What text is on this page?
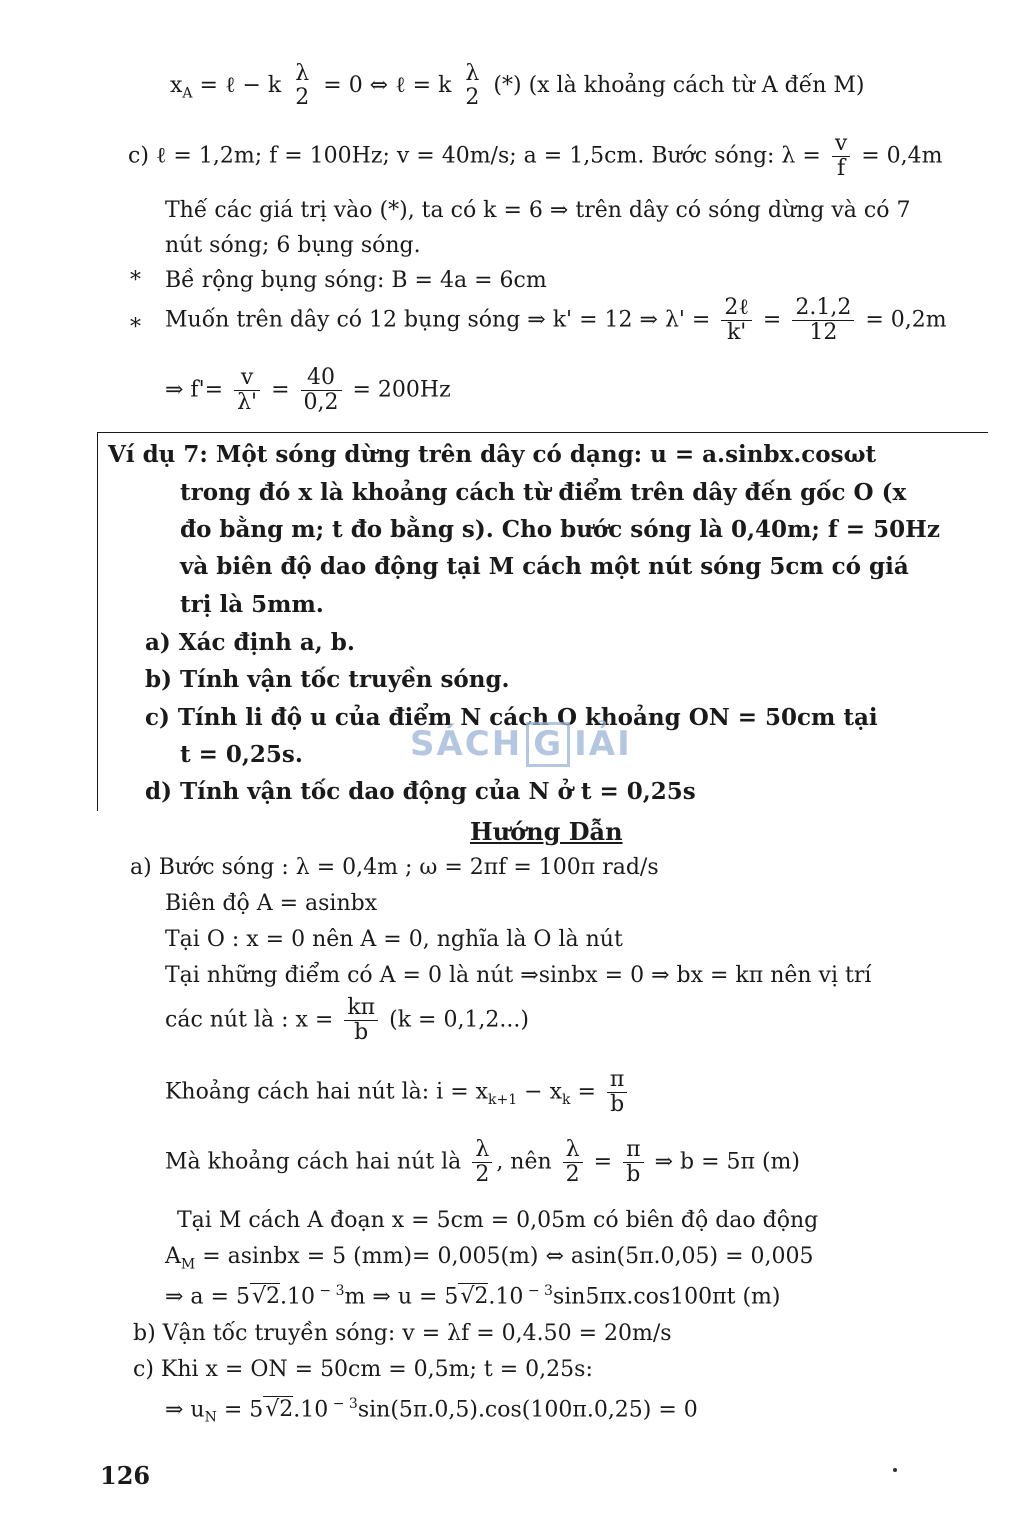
$x_A$ = ℓ − k λ
2 = 0 ⇔ ℓ = k λ
2 (*) (x là khoảng cách từ A đến M)
c) ℓ = 1,2m; f = 100Hz; v = 40m/s; a = 1,5cm. Bước sóng: $\lambda = \frac{v}{f} = 0,4m$
Thế các giá trị vào (*), ta có k = 6 ⇒ trên dây có sóng dừng và có 7
nút sóng; 6 bụng sóng.
* Bề rộng bụng sóng: B = 4a = 6cm
* Muốn trên dây có 12 bụng sóng ⇒ k' = 12 ⇒ $\lambda' = \frac{\text{2ℓ}}{k'} = \frac{2.1,2}{12} = 0,2m$
⇒ $f'= \frac{v}{\lambda'} = \frac{40}{0,2} = 200Hz$
Ví dụ 7: Một sóng dừng trên dây có dạng: u = a.sinbx.cosωt
trong đó x là khoảng cách từ điểm trên dây đến gốc O (x
đo bằng m; t đo bằng s). Cho bước sóng là 0,40m; f = 50Hz
và biên độ dao động tại M cách một nút sóng 5cm có giá
trị là 5mm.
a) Xác định a, b.
b) Tính vận tốc truyền sóng.
c) Tính li độ u của điểm N cách O khoảng ON = 50cm tại
t = 0,25s.
d) Tính vận tốc dao động của N ở t = 0,25s
SÁCH G IẢI
Hướng Dẫn
a) Bước sóng : λ = 0,4m ; ω = 2πf = 100π rad/s
Biên độ A = asinbx
Tại O : x = 0 nên A = 0, nghĩa là O là nút
Tại những điểm có A = 0 là nút ⇒sinbx = 0 ⇒ bx = kπ nên vị trí
các nút là : $x = \frac{k\pi}{b} (k = 0,1,2...)$
Khoảng cách hai nút là: $i = x_{k+1} - x_k = \frac{\pi}{b}$
Mà khoảng cách hai nút là $\frac{\lambda}{2}$ , nên $\frac{\lambda}{2} = \frac{\pi}{b}$ ⇒ b = 5π (m)
Tại M cách A đoạn x = 5cm = 0,05m có biên độ dao động
$A_M$ = asinbx = 5 (mm)= 0,005(m) ⇔ asin(5π.0,05) = 0,005
⇒ a = 5√2.10 $^{- 3}$m ⇒ u = 5√2.10 $^{- 3}$sin5πx.cos100πt (m)
b) Vận tốc truyền sóng: v = λf = 0,4.50 = 20m/s
c) Khi x = ON = 50cm = 0,5m; t = 0,25s:
⇒ $u_N = 5√2.10$ $^{- 3}$sin(5π.0,5).cos(100π.0,25) = 0
126
